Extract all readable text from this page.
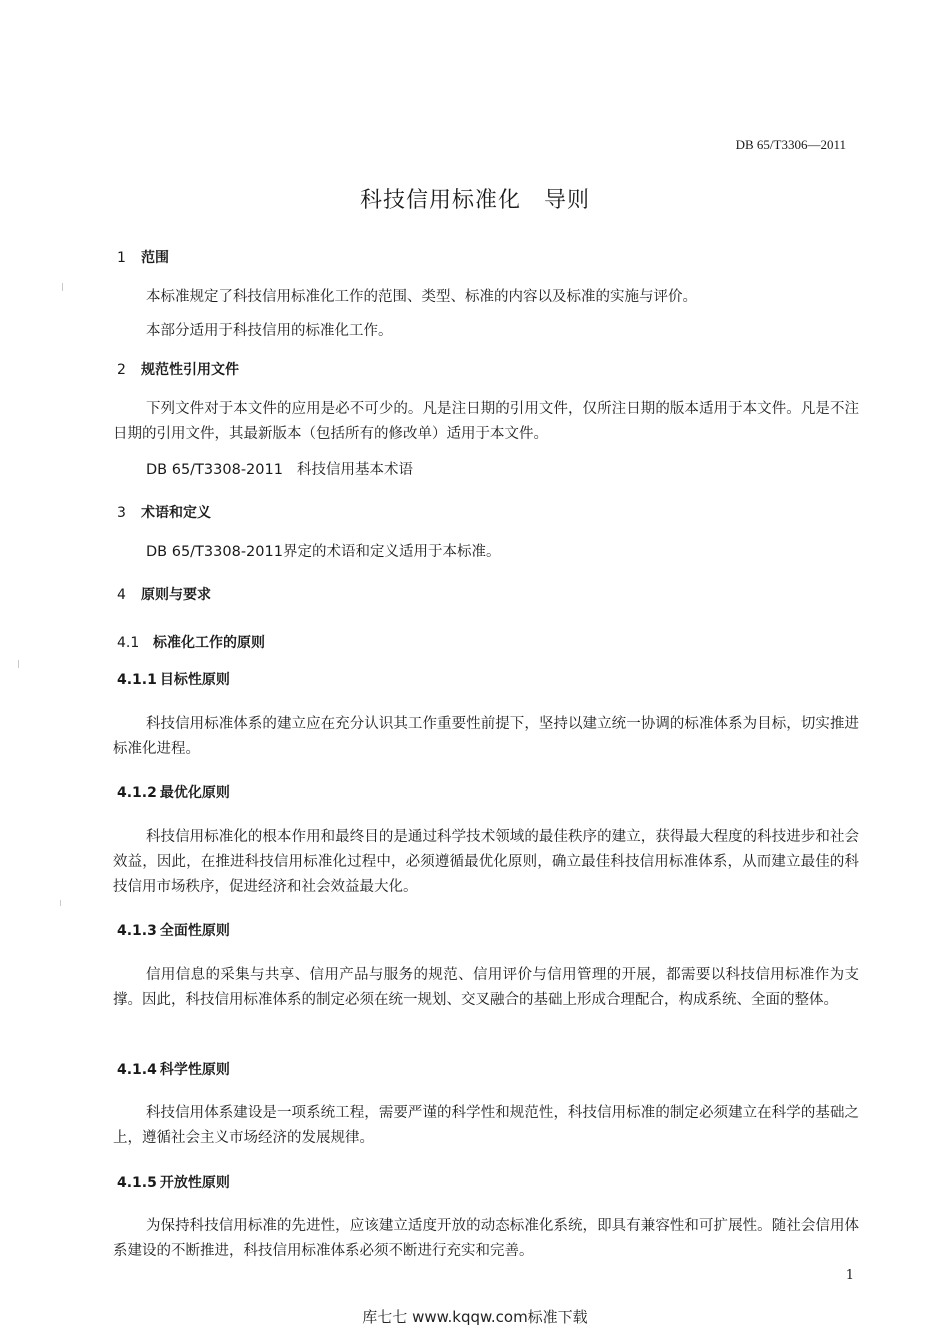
DB 65/T3306—2011
科技信用标准化　导则
1 范围
本标准规定了科技信用标准化工作的范围、类型、标准的内容以及标准的实施与评价。
本部分适用于科技信用的标准化工作。
2 规范性引用文件
下列文件对于本文件的应用是必不可少的。凡是注日期的引用文件，仅所注日期的版本适用于本文件。凡是不注日期的引用文件，其最新版本（包括所有的修改单）适用于本文件。
DB 65/T3308-2011 科技信用基本术语
3 术语和定义
DB 65/T3308-2011界定的术语和定义适用于本标准。
4 原则与要求
4.1 标准化工作的原则
4.1.1 目标性原则
科技信用标准体系的建立应在充分认识其工作重要性前提下，坚持以建立统一协调的标准体系为目标，切实推进标准化进程。
4.1.2 最优化原则
科技信用标准化的根本作用和最终目的是通过科学技术领域的最佳秩序的建立，获得最大程度的科技进步和社会效益，因此，在推进科技信用标准化过程中，必须遵循最优化原则，确立最佳科技信用标准体系，从而建立最佳的科技信用市场秩序，促进经济和社会效益最大化。
4.1.3 全面性原则
信用信息的采集与共享、信用产品与服务的规范、信用评价与信用管理的开展，都需要以科技信用标准作为支撑。因此，科技信用标准体系的制定必须在统一规划、交叉融合的基础上形成合理配合，构成系统、全面的整体。
4.1.4 科学性原则
科技信用体系建设是一项系统工程，需要严谨的科学性和规范性，科技信用标准的制定必须建立在科学的基础之上，遵循社会主义市场经济的发展规律。
4.1.5 开放性原则
为保持科技信用标准的先进性，应该建立适度开放的动态标准化系统，即具有兼容性和可扩展性。随社会信用体系建设的不断推进，科技信用标准体系必须不断进行充实和完善。
1
库七七 www.kqqw.com标准下载
